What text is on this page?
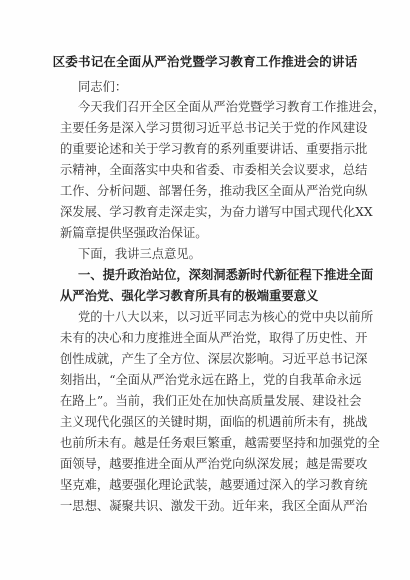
区委书记在全面从严治党暨学习教育工作推进会的讲话
同志们：
今天我们召开全区全面从严治党暨学习教育工作推进会，
主要任务是深入学习贯彻习近平总书记关于党的作风建设
的重要论述和关于学习教育的系列重要讲话、重要指示批
示精神，全面落实中央和省委、市委相关会议要求，总结
工作、分析问题、部署任务，推动我区全面从严治党向纵
深发展、学习教育走深走实，为奋力谱写中国式现代化XX
新篇章提供坚强政治保证。
下面，我讲三点意见。
一、提升政治站位，深刻洞悉新时代新征程下推进全面
从严治党、强化学习教育所具有的极端重要意义
党的十八大以来，以习近平同志为核心的党中央以前所
未有的决心和力度推进全面从严治党，取得了历史性、开
创性成就，产生了全方位、深层次影响。习近平总书记深
刻指出，“全面从严治党永远在路上，党的自我革命永远
在路上”。当前，我们正处在加快高质量发展、建设社会
主义现代化强区的关键时期，面临的机遇前所未有，挑战
也前所未有。越是任务艰巨繁重，越需要坚持和加强党的全
面领导，越要推进全面从严治党向纵深发展；越是需要攻
坚克难，越要强化理论武装，越要通过深入的学习教育统
一思想、凝聚共识、激发干劲。近年来，我区全面从严治
